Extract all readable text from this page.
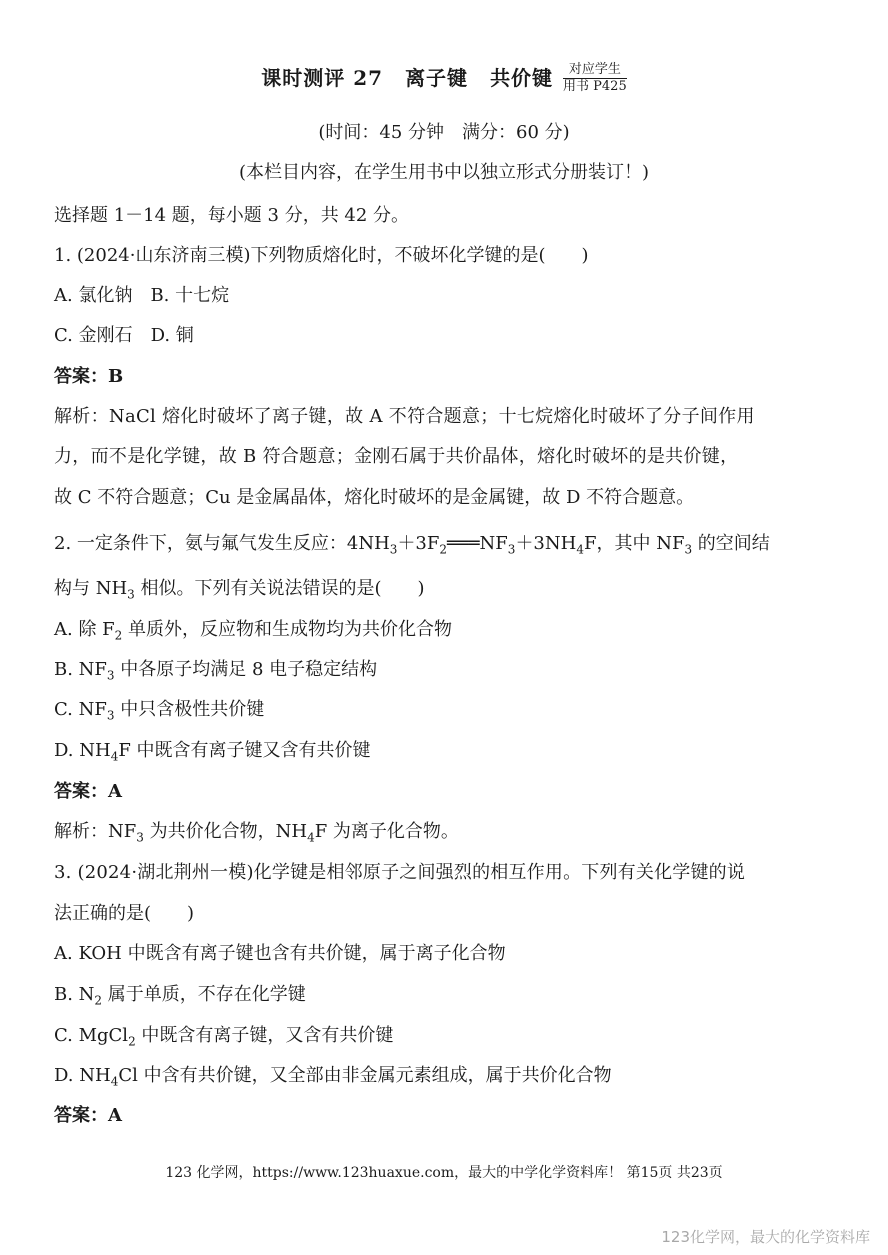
课时测评 27 离子键 共价键	对应学生
用书 P425
(时间：45 分钟　满分：60 分)
(本栏目内容，在学生用书中以独立形式分册装订！)
选择题 1－14 题，每小题 3 分，共 42 分。
1. (2024·山东济南三模)下列物质熔化时，不破坏化学键的是(　　)
A. 氯化钠　B. 十七烷
C. 金刚石　D. 铜
答案：B
解析：NaCl 熔化时破坏了离子键，故 A 不符合题意；十七烷熔化时破坏了分子间作用
力，而不是化学键，故 B 符合题意；金刚石属于共价晶体，熔化时破坏的是共价键，
故 C 不符合题意；Cu 是金属晶体，熔化时破坏的是金属键，故 D 不符合题意。
2. 一定条件下，氨与氟气发生反应：$4NH_3+3F_2═══NF_3+3NH_4F$，其中 $NF_3$ 的空间结
构与 $NH_3$ 相似。下列有关说法错误的是(　　)
A. 除 $F_2$ 单质外，反应物和生成物均为共价化合物
B. $NF_3$ 中各原子均满足 8 电子稳定结构
C. $NF_3$ 中只含极性共价键
D. $NH_4F$ 中既含有离子键又含有共价键
答案：A
解析：$NF_3$ 为共价化合物，$NH_4F$ 为离子化合物。
3. (2024·湖北荆州一模)化学键是相邻原子之间强烈的相互作用。下列有关化学键的说
法正确的是(　　)
A. KOH 中既含有离子键也含有共价键，属于离子化合物
B. $N_2$ 属于单质，不存在化学键
C. MgCl$_2$ 中既含有离子键，又含有共价键
D. $NH_4Cl$ 中含有共价键，又全部由非金属元素组成，属于共价化合物
答案：A
123 化学网，https://www.123huaxue.com，最大的中学化学资料库！ 第15页 共23页
123化学网，最大的化学资料库
